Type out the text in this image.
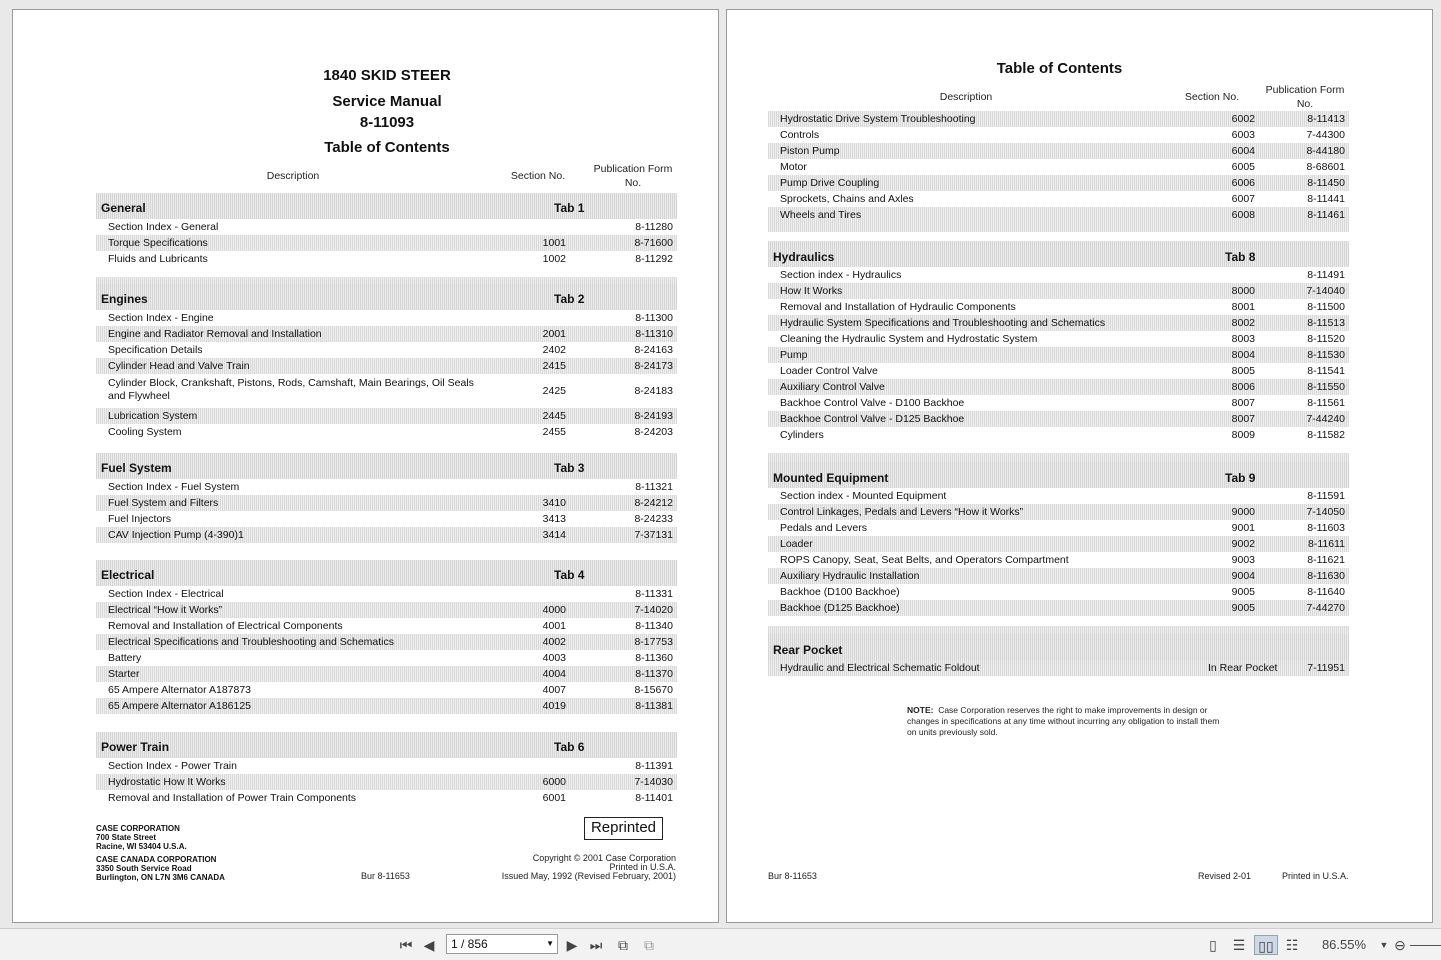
1840 SKID STEER
Service Manual
8-11093
Table of Contents
Description	Section No.
Publication Form No.
General	Tab 1
Section Index - General	8-11280
Torque Specifications	1001	8-71600
Fluids and Lubricants	1002	8-11292
Engines	Tab 2
Section Index - Engine	8-11300
Engine and Radiator Removal and Installation	2001	8-11310
Specification Details	2402	8-24163
Cylinder Head and Valve Train	2415	8-24173
Cylinder Block, Crankshaft, Pistons, Rods, Camshaft, Main Bearings, Oil Seals and Flywheel	2425	8-24183
Lubrication System	2445	8-24193
Cooling System	2455	8-24203
Fuel System	Tab 3
Section Index - Fuel System	8-11321
Fuel System and Filters	3410	8-24212
Fuel Injectors	3413	8-24233
CAV Injection Pump (4-390)1	3414	7-37131
Electrical	Tab 4
Section Index - Electrical	8-11331
Electrical “How it Works”	4000	7-14020
Removal and Installation of Electrical Components	4001	8-11340
Electrical Specifications and Troubleshooting and Schematics	4002	8-17753
Battery	4003	8-11360
Starter	4004	8-11370
65 Ampere Alternator A187873	4007	8-15670
65 Ampere Alternator A186125	4019	8-11381
Power Train	Tab 6
Section Index - Power Train	8-11391
Hydrostatic How It Works	6000	7-14030
Removal and Installation of Power Train Components	6001	8-11401
CASE CORPORATION
700 State Street
Racine, WI 53404 U.S.A.
CASE CANADA CORPORATION
3350 South Service Road
Burlington, ON L7N 3M6 CANADA	Bur 8-11653
Reprinted
Copyright © 2001 Case Corporation
Printed in U.S.A.
Issued May, 1992 (Revised February, 2001)
Table of Contents
Description	Section No.
Publication Form No.
Hydrostatic Drive System Troubleshooting	6002	8-11413
Controls	6003	7-44300
Piston Pump	6004	8-44180
Motor	6005	8-68601
Pump Drive Coupling	6006	8-11450
Sprockets, Chains and Axles	6007	8-11441
Wheels and Tires	6008	8-11461
Hydraulics	Tab 8
Section index - Hydraulics	8-11491
How It Works	8000	7-14040
Removal and Installation of Hydraulic Components	8001	8-11500
Hydraulic System Specifications and Troubleshooting and Schematics	8002	8-11513
Cleaning the Hydraulic System and Hydrostatic System	8003	8-11520
Pump	8004	8-11530
Loader Control Valve	8005	8-11541
Auxiliary Control Valve	8006	8-11550
Backhoe Control Valve - D100 Backhoe	8007	8-11561
Backhoe Control Valve - D125 Backhoe	8007	7-44240
Cylinders	8009	8-11582
Mounted Equipment	Tab 9
Section index - Mounted Equipment	8-11591
Control Linkages, Pedals and Levers “How it Works”	9000	7-14050
Pedals and Levers	9001	8-11603
Loader	9002	8-11611
ROPS Canopy, Seat, Seat Belts, and Operators Compartment	9003	8-11621
Auxiliary Hydraulic Installation	9004	8-11630
Backhoe (D100 Backhoe)	9005	8-11640
Backhoe (D125 Backhoe)	9005	7-44270
Rear Pocket
Hydraulic and Electrical Schematic Foldout	In Rear Pocket	7-11951
NOTE: Case Corporation reserves the right to make improvements in design or changes in specifications at any time without incurring any obligation to install them on units previously sold.
Bur 8-11653	Revised 2-01	Printed in U.S.A.
⏮ ◀	1 / 856	▼ ▶ ⏭ ⧉ ⧉	▯	☰ ▯▯ ☷	86.55%	▼ ⊖
